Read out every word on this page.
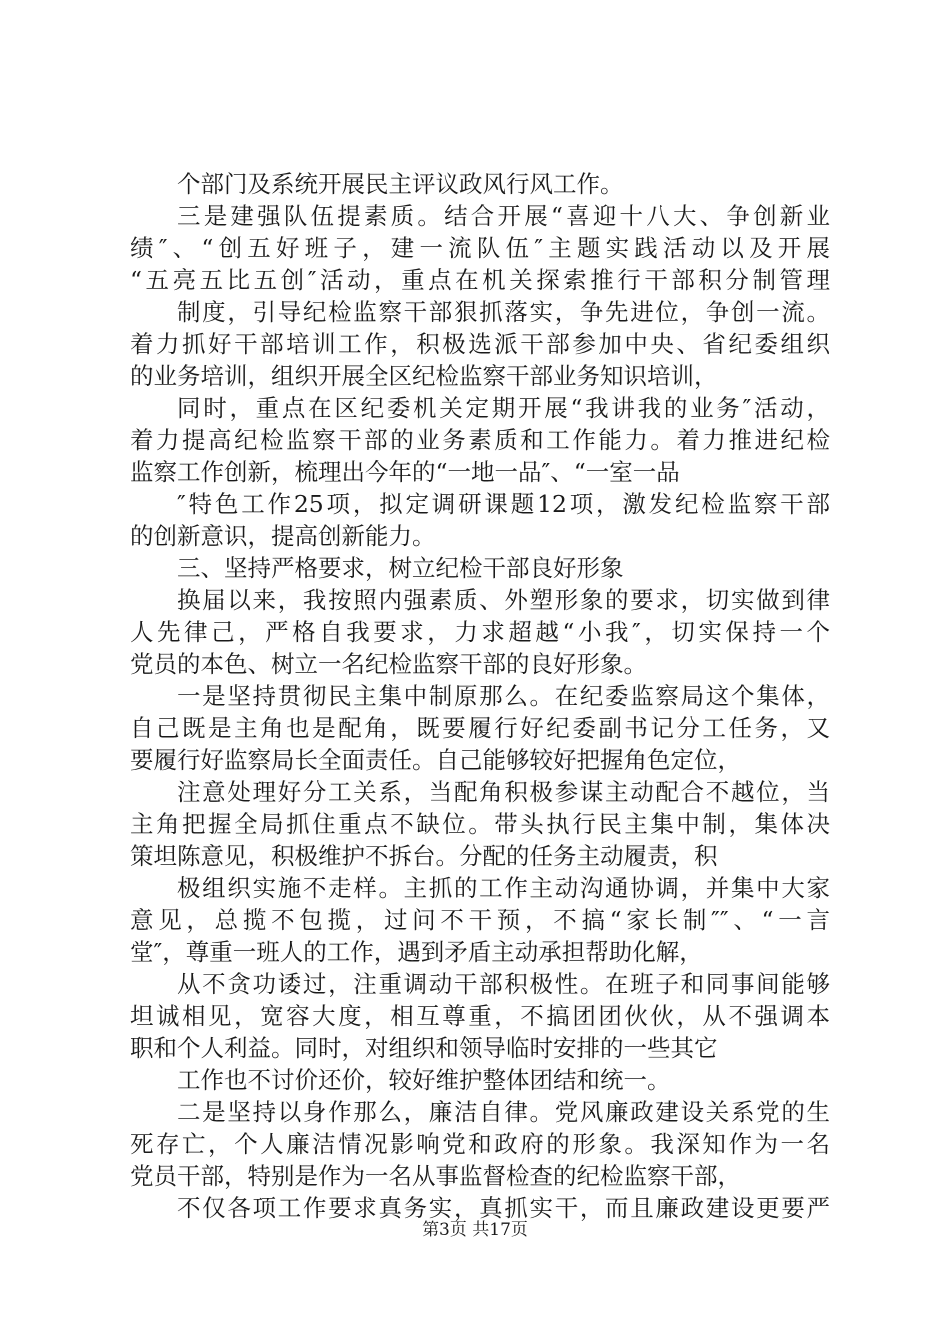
个部门及系统开展民主评议政风行风工作。
三是建强队伍提素质。结合开展“喜迎十八大、争创新业
绩″、“创五好班子，建一流队伍″主题实践活动以及开展
“五亮五比五创″活动，重点在机关探索推行干部积分制管理
制度，引导纪检监察干部狠抓落实，争先进位，争创一流。
着力抓好干部培训工作，积极选派干部参加中央、省纪委组织
的业务培训，组织开展全区纪检监察干部业务知识培训，
同时，重点在区纪委机关定期开展“我讲我的业务″活动，
着力提高纪检监察干部的业务素质和工作能力。着力推进纪检
监察工作创新，梳理出今年的“一地一品″、“一室一品
″特色工作25项，拟定调研课题12项，激发纪检监察干部
的创新意识，提高创新能力。
三、坚持严格要求，树立纪检干部良好形象
换届以来，我按照内强素质、外塑形象的要求，切实做到律
人先律己，严格自我要求，力求超越“小我″，切实保持一个
党员的本色、树立一名纪检监察干部的良好形象。
一是坚持贯彻民主集中制原那么。在纪委监察局这个集体，
自己既是主角也是配角，既要履行好纪委副书记分工任务，又
要履行好监察局长全面责任。自己能够较好把握角色定位，
注意处理好分工关系，当配角积极参谋主动配合不越位，当
主角把握全局抓住重点不缺位。带头执行民主集中制，集体决
策坦陈意见，积极维护不拆台。分配的任务主动履责，积
极组织实施不走样。主抓的工作主动沟通协调，并集中大家
意见，总揽不包揽，过问不干预，不搞“家长制″″、“一言
堂″，尊重一班人的工作，遇到矛盾主动承担帮助化解，
从不贪功诿过，注重调动干部积极性。在班子和同事间能够
坦诚相见，宽容大度，相互尊重，不搞团团伙伙，从不强调本
职和个人利益。同时，对组织和领导临时安排的一些其它
工作也不讨价还价，较好维护整体团结和统一。
二是坚持以身作那么，廉洁自律。党风廉政建设关系党的生
死存亡，个人廉洁情况影响党和政府的形象。我深知作为一名
党员干部，特别是作为一名从事监督检查的纪检监察干部，
不仅各项工作要求真务实，真抓实干，而且廉政建设更要严
第3页 共17页
